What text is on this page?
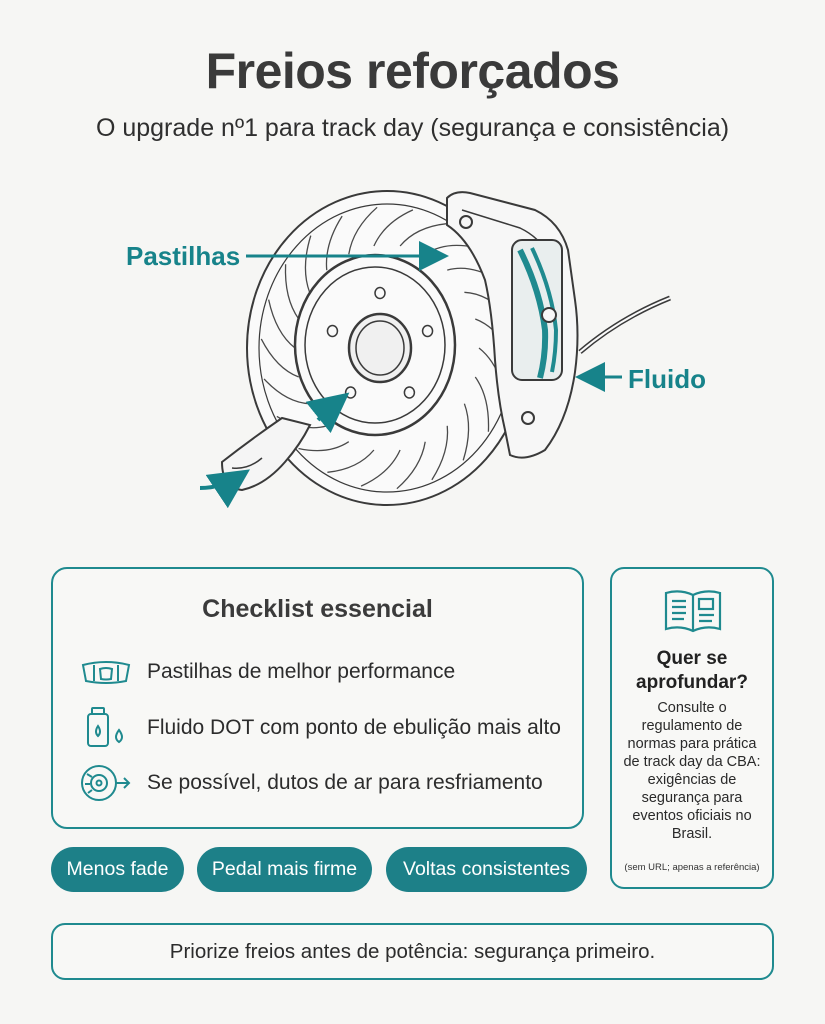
Freios reforçados
O upgrade nº1 para track day (segurança e consistência)
Pastilhas
Fluido
Checklist essencial
Pastilhas de melhor performance
Fluido DOT com ponto de ebulição mais alto
Se possível, dutos de ar para resfriamento
Quer se aprofundar?
Consulte o regulamento de normas para prática de track day da CBA: exigências de segurança para eventos oficiais no Brasil.
(sem URL; apenas a referência)
Menos fade	Pedal mais firme	Voltas consistentes
Priorize freios antes de potência: segurança primeiro.
